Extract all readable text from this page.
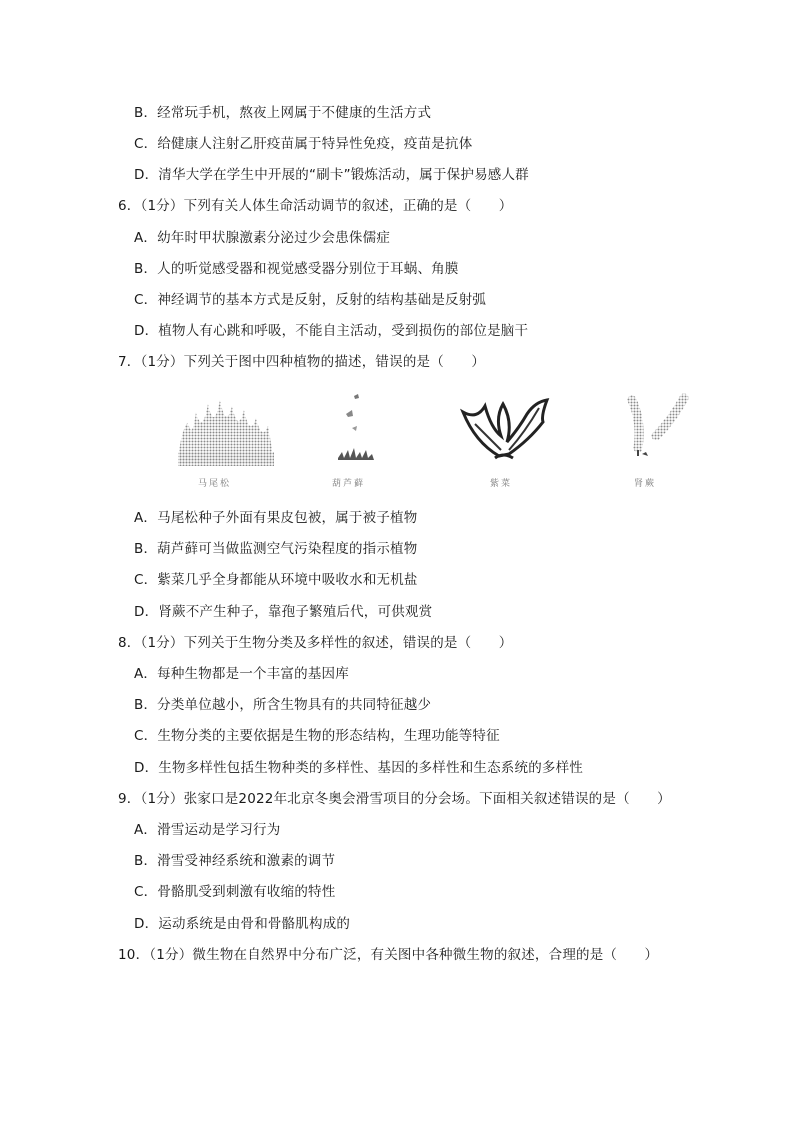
B．经常玩手机，熬夜上网属于不健康的生活方式
C．给健康人注射乙肝疫苗属于特异性免疫，疫苗是抗体
D．清华大学在学生中开展的“刷卡”锻炼活动，属于保护易感人群
6．（1分）下列有关人体生命活动调节的叙述，正确的是（　　）
A．幼年时甲状腺激素分泌过少会患侏儒症
B．人的听觉感受器和视觉感受器分别位于耳蜗、角膜
C．神经调节的基本方式是反射，反射的结构基础是反射弧
D．植物人有心跳和呼吸，不能自主活动，受到损伤的部位是脑干
7．（1分）下列关于图中四种植物的描述，错误的是（　　）
马尾松	葫芦藓	紫菜	肾蕨
A．马尾松种子外面有果皮包被，属于被子植物
B．葫芦藓可当做监测空气污染程度的指示植物
C．紫菜几乎全身都能从环境中吸收水和无机盐
D．肾蕨不产生种子，靠孢子繁殖后代，可供观赏
8．（1分）下列关于生物分类及多样性的叙述，错误的是（　　）
A．每种生物都是一个丰富的基因库
B．分类单位越小，所含生物具有的共同特征越少
C．生物分类的主要依据是生物的形态结构，生理功能等特征
D．生物多样性包括生物种类的多样性、基因的多样性和生态系统的多样性
9．（1分）张家口是2022年北京冬奥会滑雪项目的分会场。下面相关叙述错误的是（　　）
A．滑雪运动是学习行为
B．滑雪受神经系统和激素的调节
C．骨骼肌受到刺激有收缩的特性
D．运动系统是由骨和骨骼肌构成的
10．（1分）微生物在自然界中分布广泛，有关图中各种微生物的叙述，合理的是（　　）
